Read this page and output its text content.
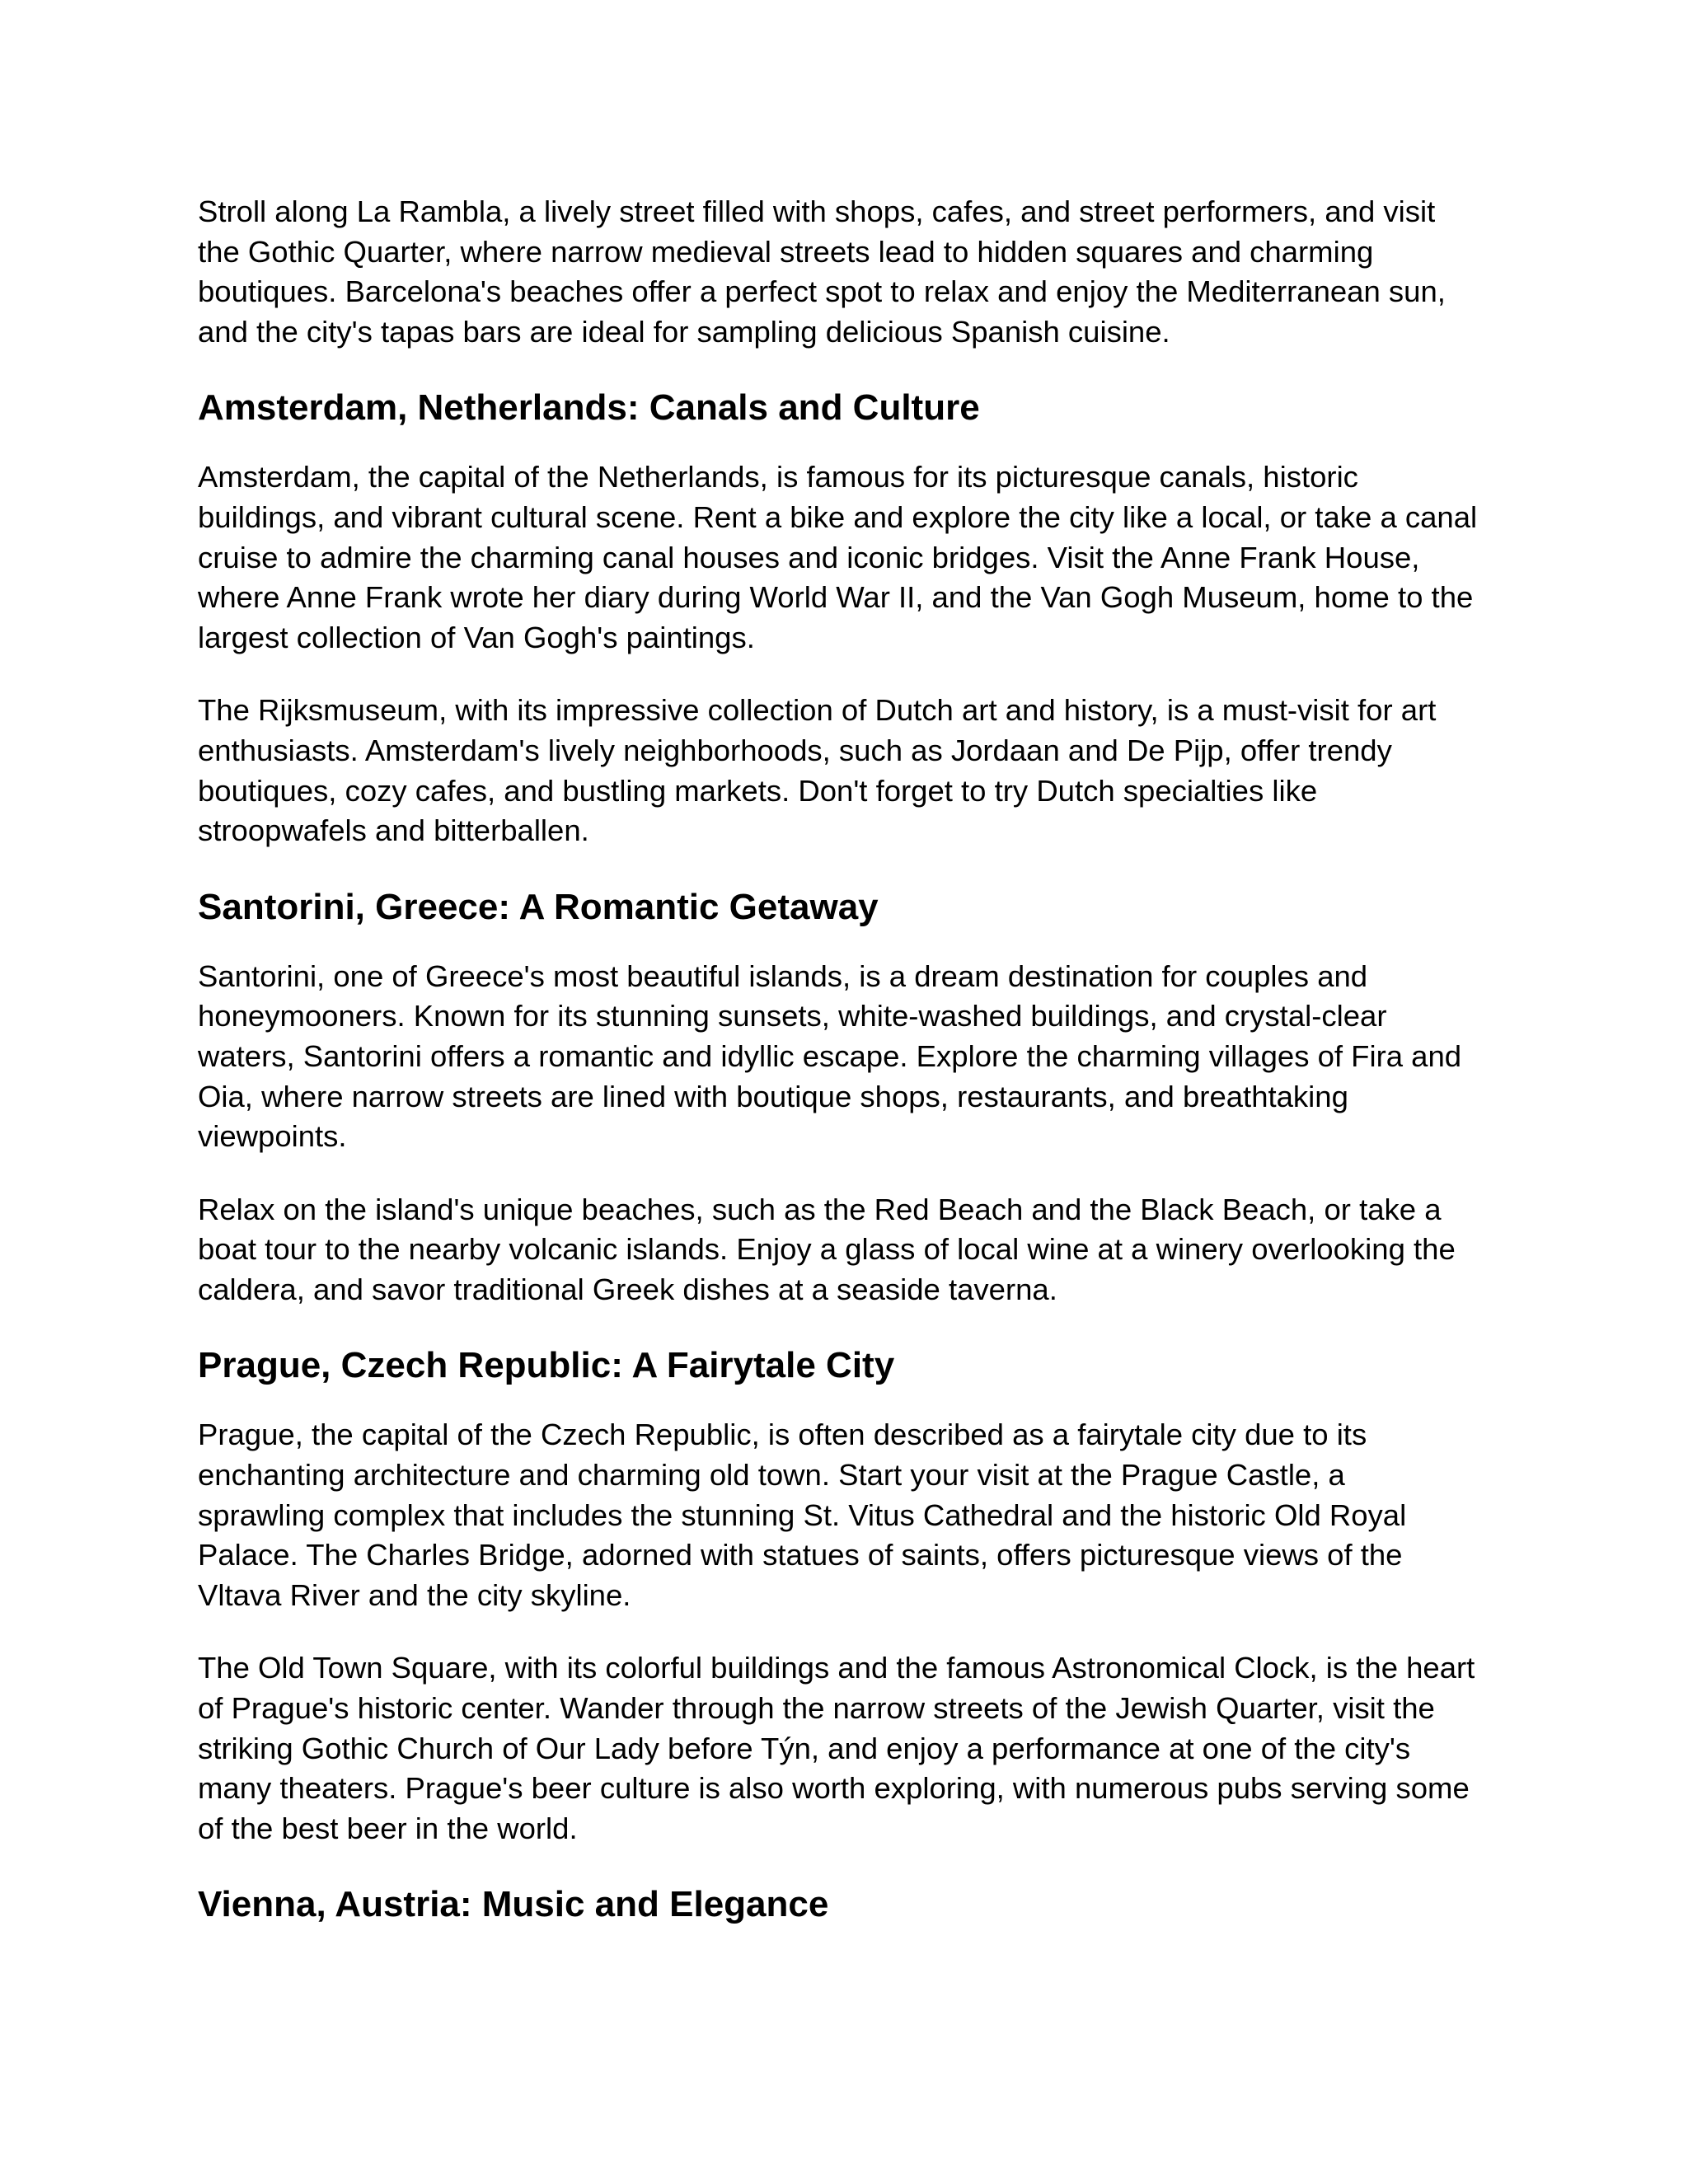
Stroll along La Rambla, a lively street filled with shops, cafes, and street performers, and visit
the Gothic Quarter, where narrow medieval streets lead to hidden squares and charming
boutiques. Barcelona's beaches offer a perfect spot to relax and enjoy the Mediterranean sun,
and the city's tapas bars are ideal for sampling delicious Spanish cuisine.

Amsterdam, Netherlands: Canals and Culture

Amsterdam, the capital of the Netherlands, is famous for its picturesque canals, historic
buildings, and vibrant cultural scene. Rent a bike and explore the city like a local, or take a canal
cruise to admire the charming canal houses and iconic bridges. Visit the Anne Frank House,
where Anne Frank wrote her diary during World War II, and the Van Gogh Museum, home to the
largest collection of Van Gogh's paintings.

The Rijksmuseum, with its impressive collection of Dutch art and history, is a must-visit for art
enthusiasts. Amsterdam's lively neighborhoods, such as Jordaan and De Pijp, offer trendy
boutiques, cozy cafes, and bustling markets. Don't forget to try Dutch specialties like
stroopwafels and bitterballen.

Santorini, Greece: A Romantic Getaway

Santorini, one of Greece's most beautiful islands, is a dream destination for couples and
honeymooners. Known for its stunning sunsets, white-washed buildings, and crystal-clear
waters, Santorini offers a romantic and idyllic escape. Explore the charming villages of Fira and
Oia, where narrow streets are lined with boutique shops, restaurants, and breathtaking
viewpoints.

Relax on the island's unique beaches, such as the Red Beach and the Black Beach, or take a
boat tour to the nearby volcanic islands. Enjoy a glass of local wine at a winery overlooking the
caldera, and savor traditional Greek dishes at a seaside taverna.

Prague, Czech Republic: A Fairytale City

Prague, the capital of the Czech Republic, is often described as a fairytale city due to its
enchanting architecture and charming old town. Start your visit at the Prague Castle, a
sprawling complex that includes the stunning St. Vitus Cathedral and the historic Old Royal
Palace. The Charles Bridge, adorned with statues of saints, offers picturesque views of the
Vltava River and the city skyline.

The Old Town Square, with its colorful buildings and the famous Astronomical Clock, is the heart
of Prague's historic center. Wander through the narrow streets of the Jewish Quarter, visit the
striking Gothic Church of Our Lady before Týn, and enjoy a performance at one of the city's
many theaters. Prague's beer culture is also worth exploring, with numerous pubs serving some
of the best beer in the world.

Vienna, Austria: Music and Elegance
